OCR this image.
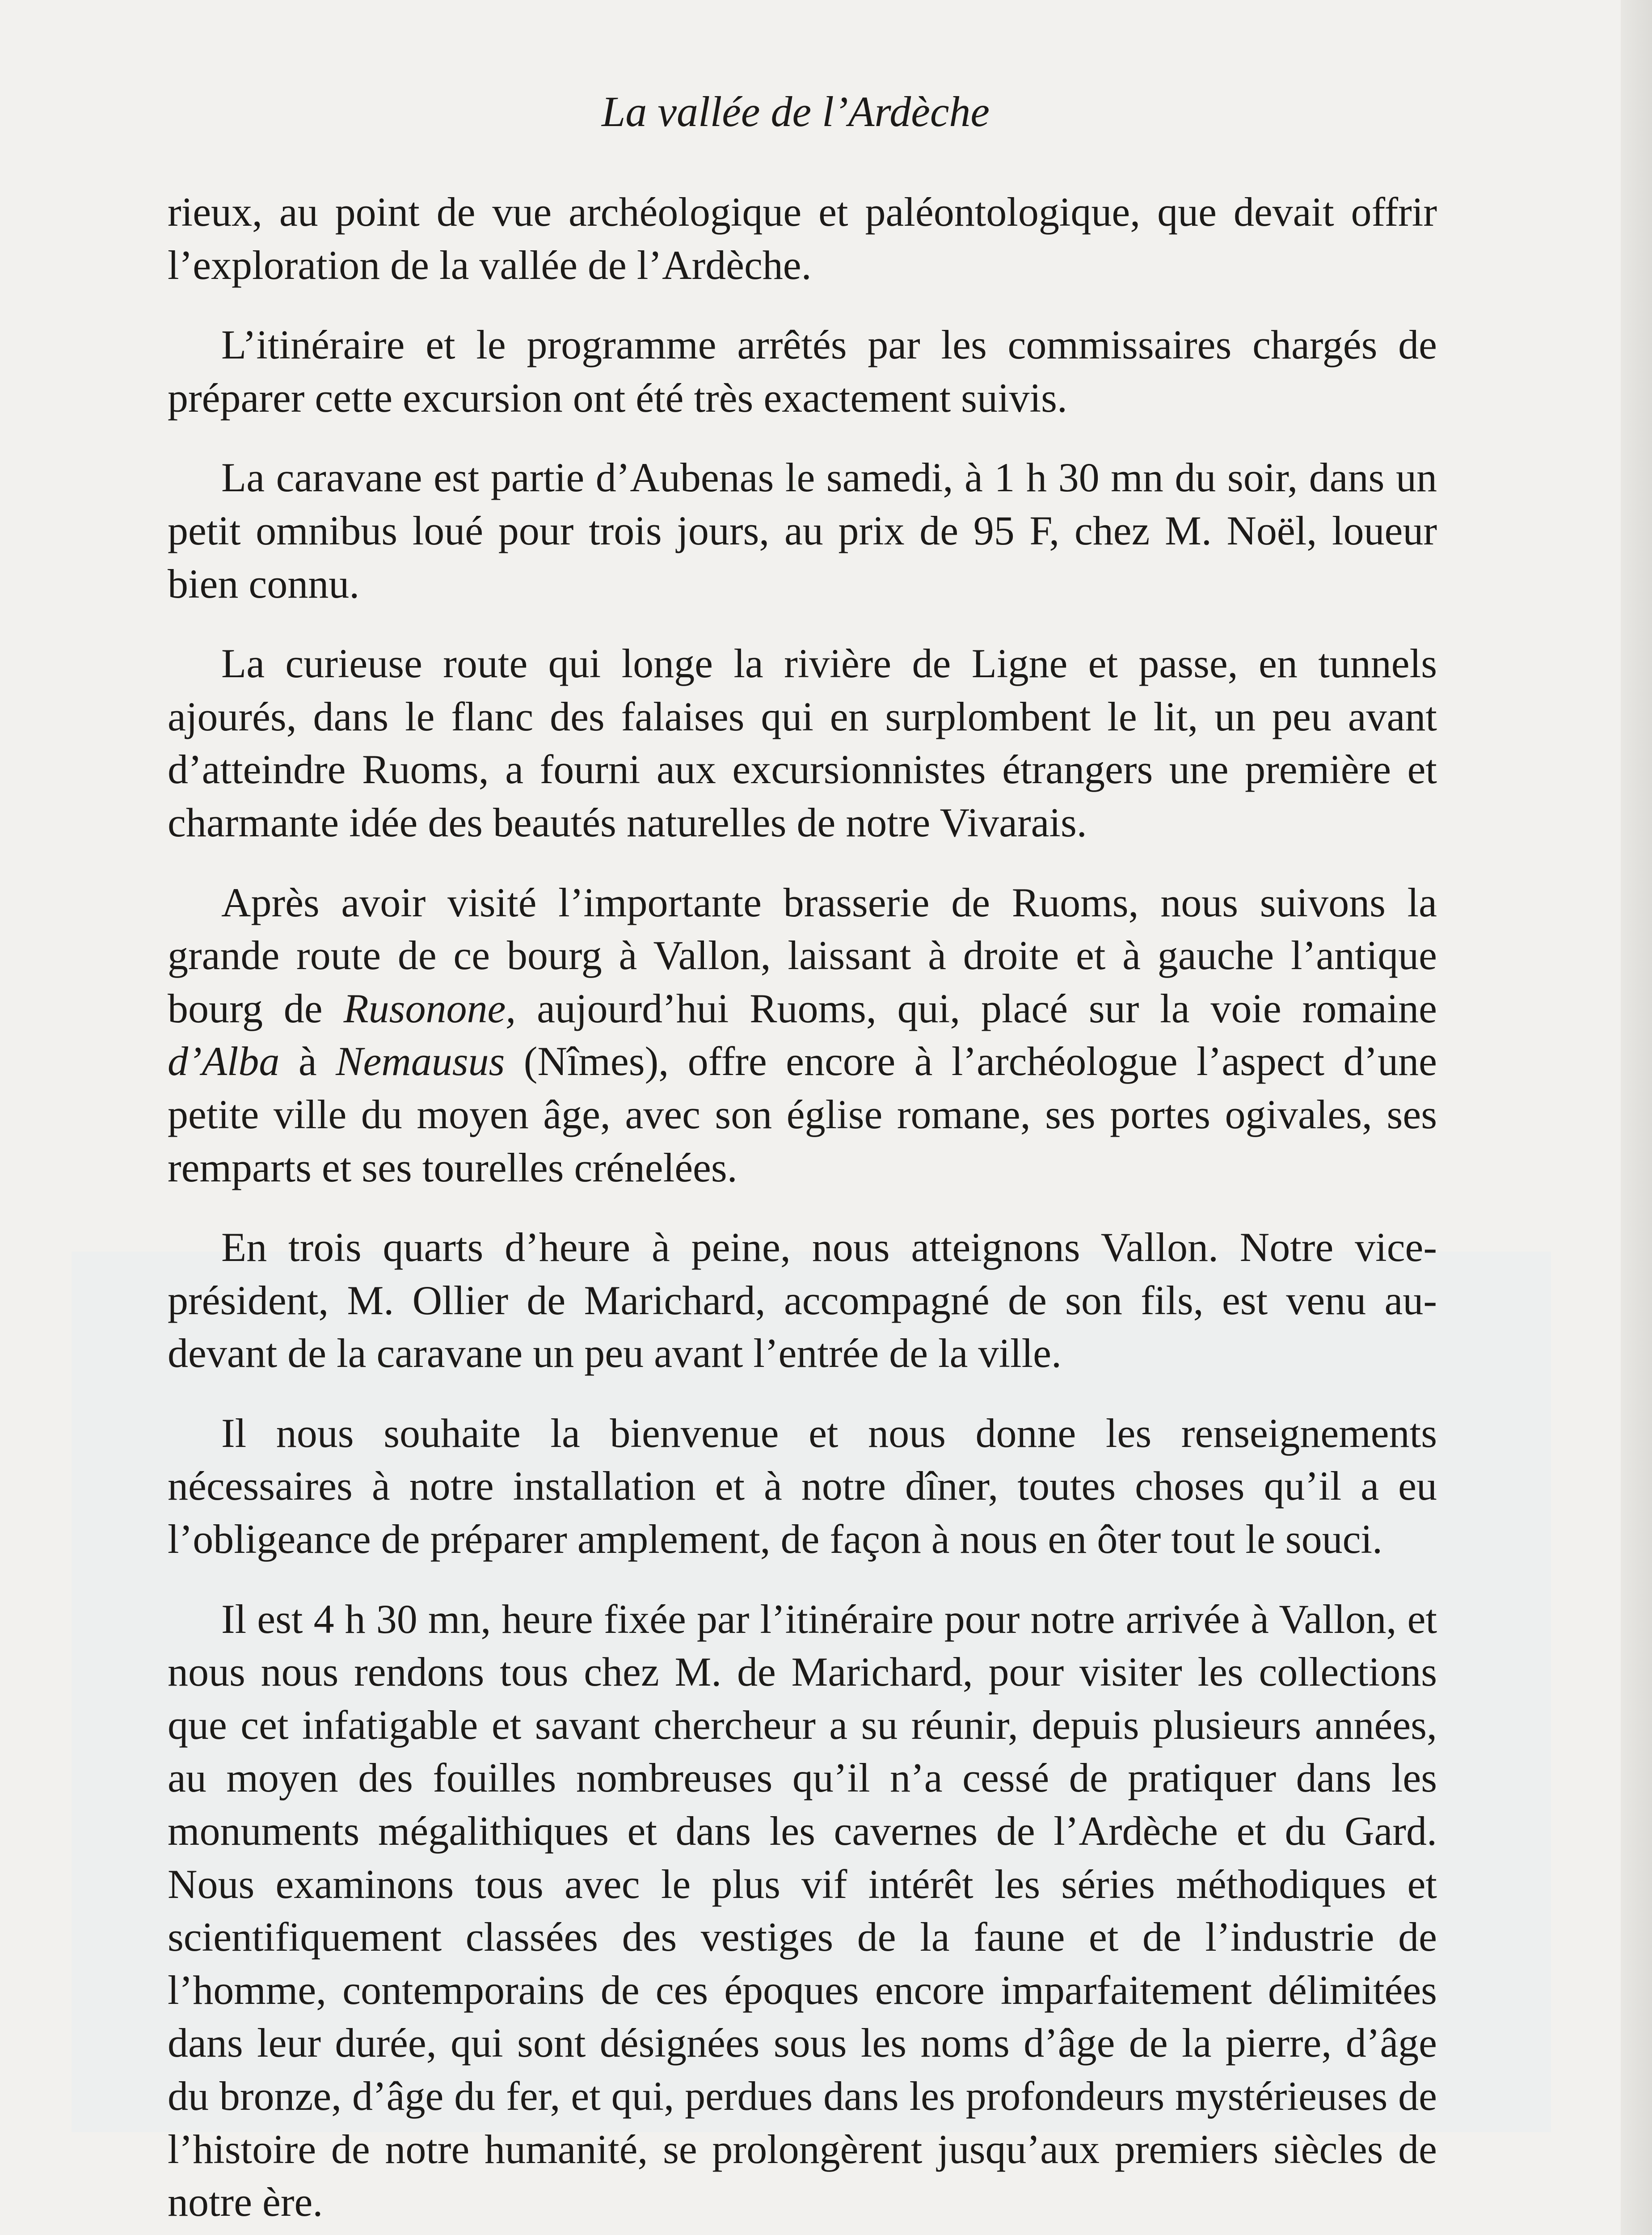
La vallée de l’Ardèche

rieux, au point de vue archéologique et paléontologique, que devait offrir l’exploration de la vallée de l’Ardèche.

L’itinéraire et le programme arrêtés par les commissaires chargés de préparer cette excursion ont été très exactement suivis.

La caravane est partie d’Aubenas le samedi, à 1 h 30 mn du soir, dans un petit omnibus loué pour trois jours, au prix de 95 F, chez M. Noël, loueur bien connu.

La curieuse route qui longe la rivière de Ligne et passe, en tunnels ajourés, dans le flanc des falaises qui en surplombent le lit, un peu avant d’atteindre Ruoms, a fourni aux excursionnistes étrangers une première et charmante idée des beautés naturelles de notre Vivarais.

Après avoir visité l’importante brasserie de Ruoms, nous suivons la grande route de ce bourg à Vallon, laissant à droite et à gauche l’antique bourg de Rusonone, aujourd’hui Ruoms, qui, placé sur la voie romaine d’Alba à Nemausus (Nîmes), offre encore à l’archéologue l’aspect d’une petite ville du moyen âge, avec son église romane, ses portes ogivales, ses remparts et ses tourelles crénelées.

En trois quarts d’heure à peine, nous atteignons Vallon. Notre vice-président, M. Ollier de Marichard, accompagné de son fils, est venu au-devant de la caravane un peu avant l’entrée de la ville.

Il nous souhaite la bienvenue et nous donne les renseignements nécessaires à notre installation et à notre dîner, toutes choses qu’il a eu l’obligeance de préparer amplement, de façon à nous en ôter tout le souci.

Il est 4 h 30 mn, heure fixée par l’itinéraire pour notre arrivée à Vallon, et nous nous rendons tous chez M. de Marichard, pour visiter les collections que cet infatigable et savant chercheur a su réunir, depuis plusieurs années, au moyen des fouilles nombreuses qu’il n’a cessé de pratiquer dans les monuments mégalithiques et dans les cavernes de l’Ardèche et du Gard. Nous examinons tous avec le plus vif intérêt les séries méthodiques et scientifiquement classées des vestiges de la faune et de l’industrie de l’homme, contemporains de ces époques encore imparfaitement délimitées dans leur durée, qui sont désignées sous les noms d’âge de la pierre, d’âge du bronze, d’âge du fer, et qui, perdues dans les profondeurs mystérieuses de l’histoire de notre humanité, se prolongèrent jusqu’aux premiers siècles de notre ère.
